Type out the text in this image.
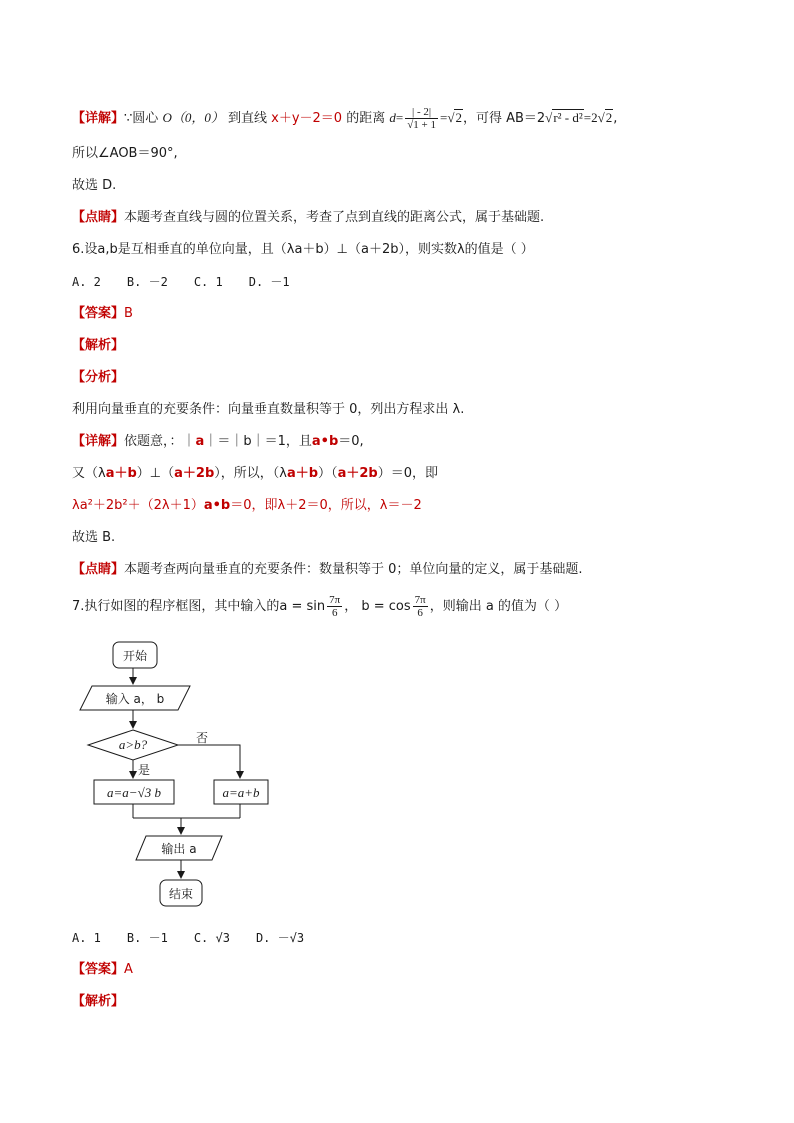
【详解】∵圆心 O（0，0） 到直线 x＋y－2＝0 的距离 $d= \frac{| - 2|}{√1 + 1} =√2$，可得 AB＝2√r² - d²=2√2,
所以∠AOB＝90°,
故选 D.
【点睛】本题考查直线与圆的位置关系，考查了点到直线的距离公式，属于基础题.
6.设a,b是互相垂直的单位向量，且（λa＋b）⊥（a＋2b），则实数λ的值是（ ）
A. 2 B. －2 C. 1 D. －1
【答案】B
【解析】
【分析】
利用向量垂直的充要条件：向量垂直数量积等于 0，列出方程求出 λ.
【详解】依题意，：｜a｜＝｜b｜＝1，且a•b＝0,
又（λa＋b）⊥（a＋2b），所以，（λa＋b）（a＋2b）＝0，即
λa²＋2b²＋（2λ＋1）a•b＝0，即λ＋2＝0，所以，λ＝－2
故选 B.
【点睛】本题考查两向量垂直的充要条件：数量积等于 0；单位向量的定义，属于基础题.
7.执行如图的程序框图，其中输入的$a = \sin \frac{7\pi}{6}$ ， $b = \cos \frac{7\pi}{6}$ ，则输出 a 的值为（ ）
开始
输入 a， b
a>b?	否
是
a=a−√3 b	a=a+b
输出 a
结束
A. 1 B. －1 C. √3 D. －√3
【答案】A
【解析】
